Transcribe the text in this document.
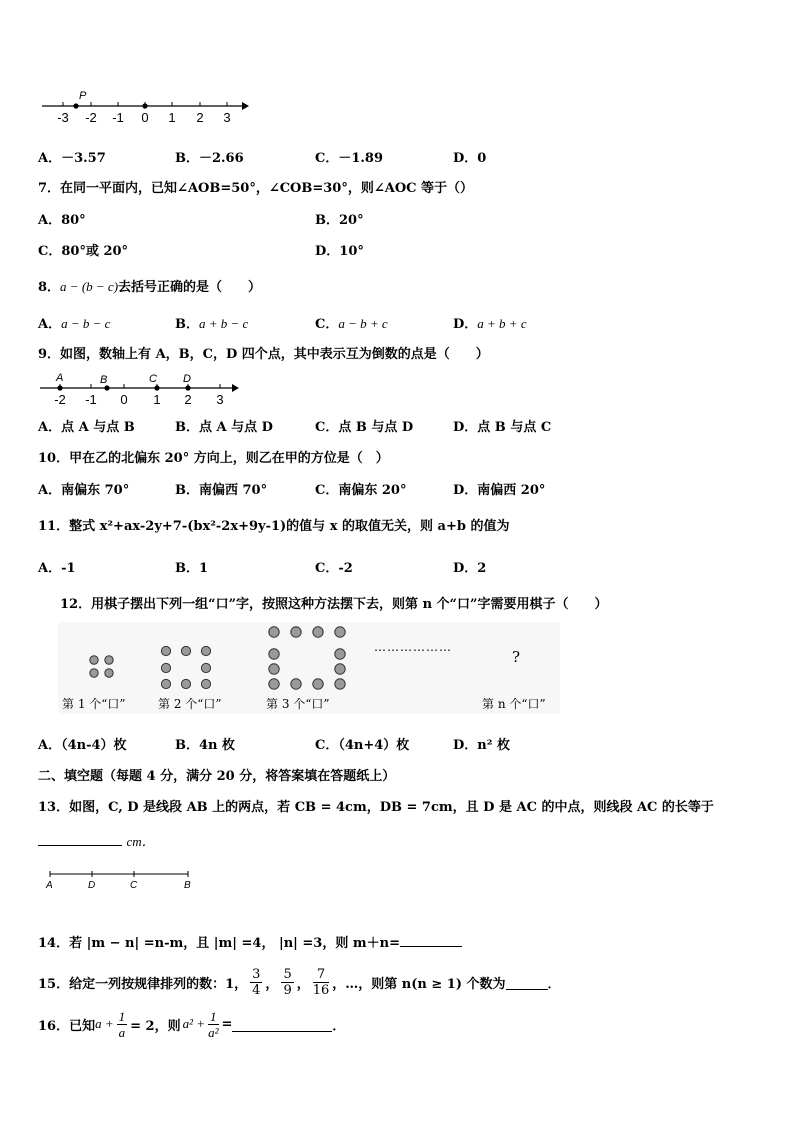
-3 -2 -1 0 1 2 3
P
A．－3.57	B．－2.66	C．－1.89	D．0
7．在同一平面内，已知∠AOB=50°，∠COB=30°，则∠AOC 等于（）
A．80°	B．20°
C．80°或 20°	D．10°
8．a − (b − c)去括号正确的是（　　）
A．a − b − c	B．a + b − c	C．a − b + c	D．a + b + c
9．如图，数轴上有 A，B，C，D 四个点，其中表示互为倒数的点是（　　）
-2 -1 0 1 2 3
A	B	C D
A．点 A 与点 B	B．点 A 与点 D	C．点 B 与点 D	D．点 B 与点 C
10．甲在乙的北偏东 20° 方向上，则乙在甲的方位是（　）
A．南偏东 70°	B．南偏西 70°	C．南偏东 20°	D．南偏西 20°
11．整式 x²+ax-2y+7-(bx²-2x+9y-1)的值与 x 的取值无关，则 a+b 的值为
A．-1	B．1	C．-2	D．2
12．用棋子摆出下列一组“口”字，按照这种方法摆下去，则第 n 个“口”字需要用棋子（　　）
………………
?
第 1 个“口”	第 2 个“口”	第 3 个“口”	第 n 个“口”
A．（4n-4）枚	B．4n 枚	C．（4n+4）枚	D．n² 枚
二、填空题（每题 4 分，满分 20 分，将答案填在答题纸上）
13．如图，C, D 是线段 AB 上的两点，若 CB = 4cm，DB = 7cm，且 D 是 AC 的中点，则线段 AC 的长等于
cm．
A	D	C	B
14．若 |m − n| =n-m，且 |m| =4， |n| =3，则 m＋n=
15．给定一列按规律排列的数：1， $\frac{3}{4}$ ， $\frac{5}{9}$ ， $\frac{7}{16}$ ，…，则第 n(n ≥ 1) 个数为	．
16．已知 $a + \frac{1}{a} = 2$，则 $a^2 + \frac{1}{\text{a²}}$ =	．
